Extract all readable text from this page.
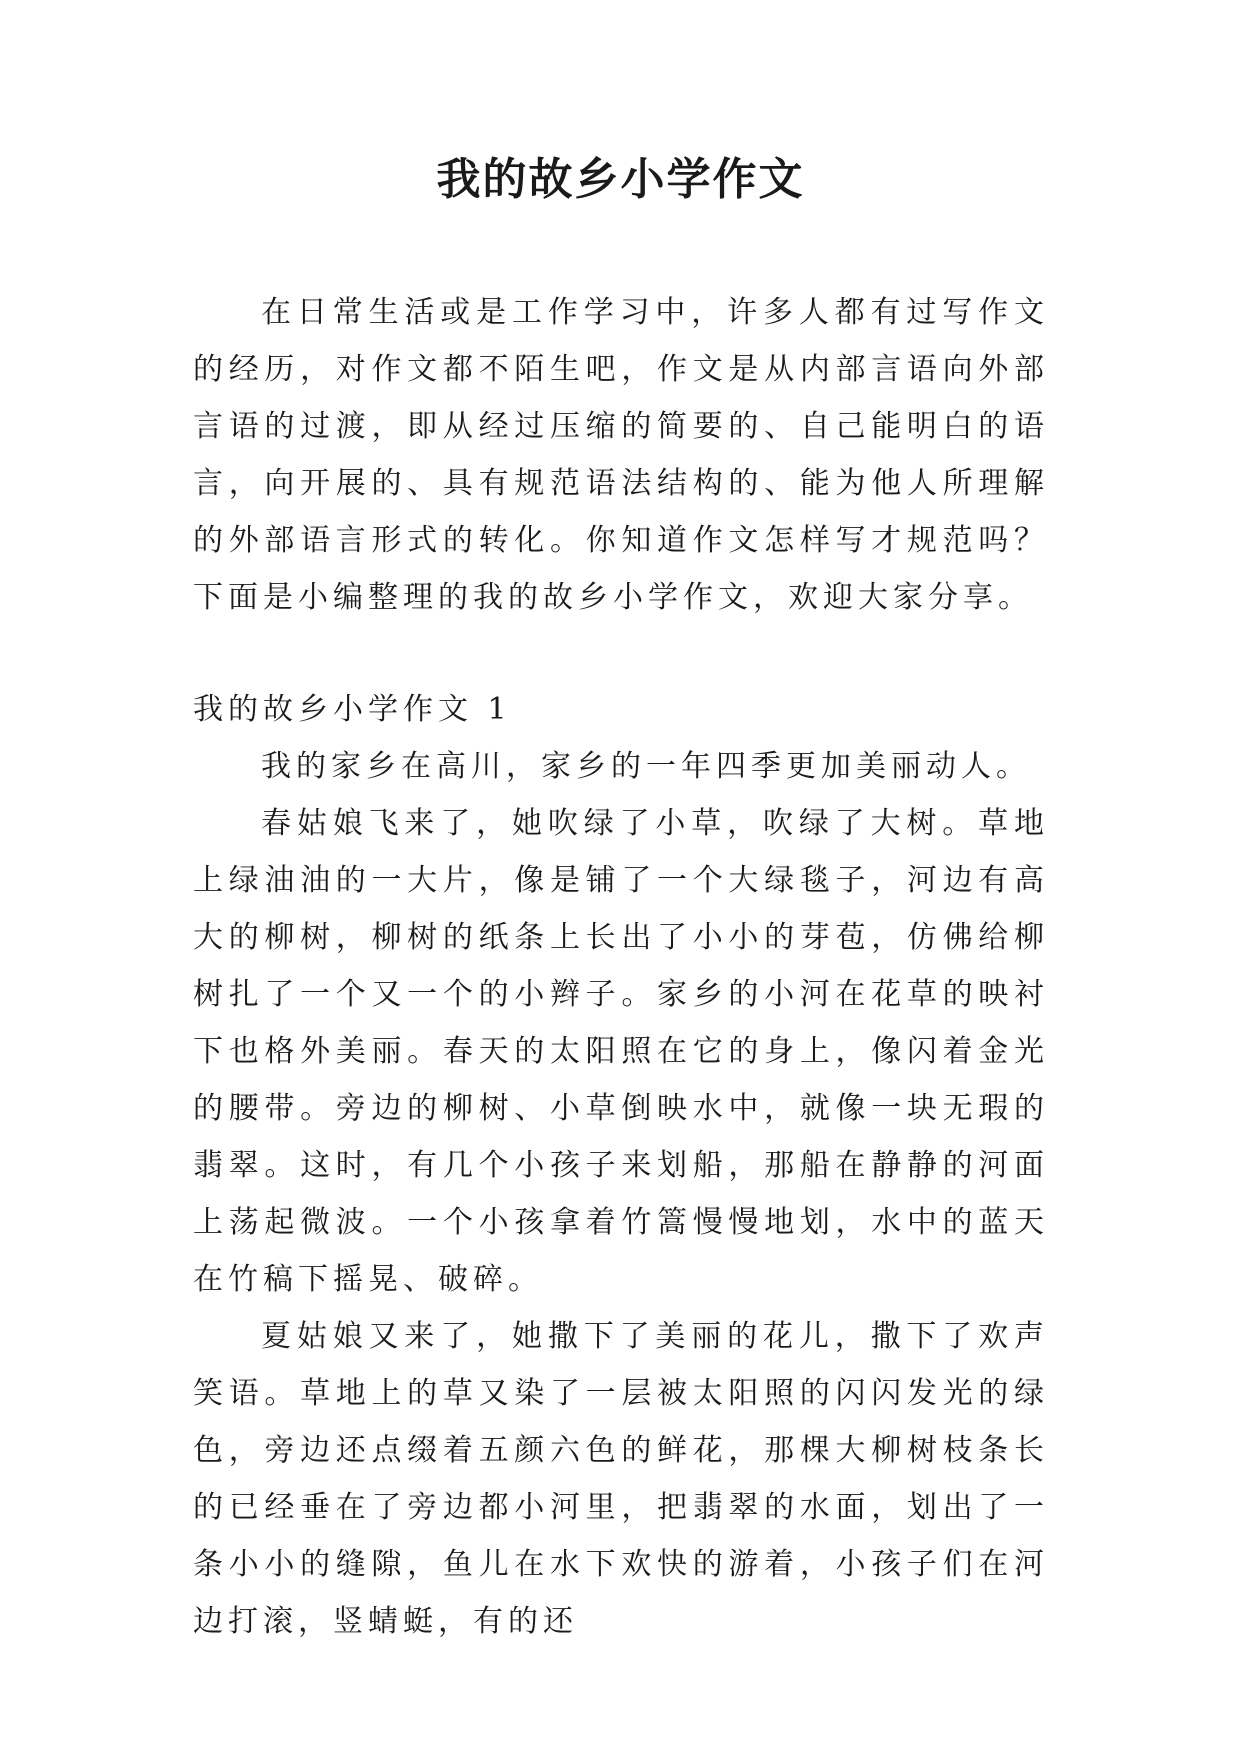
我的故乡小学作文

在日常生活或是工作学习中，许多人都有过写作文的经历，对作文都不陌生吧，作文是从内部言语向外部言语的过渡，即从经过压缩的简要的、自己能明白的语言，向开展的、具有规范语法结构的、能为他人所理解的外部语言形式的转化。你知道作文怎样写才规范吗？下面是小编整理的我的故乡小学作文，欢迎大家分享。

我的故乡小学作文 1

我的家乡在高川，家乡的一年四季更加美丽动人。

春姑娘飞来了，她吹绿了小草，吹绿了大树。草地上绿油油的一大片，像是铺了一个大绿毯子，河边有高大的柳树，柳树的纸条上长出了小小的芽苞，仿佛给柳树扎了一个又一个的小辫子。家乡的小河在花草的映衬下也格外美丽。春天的太阳照在它的身上，像闪着金光的腰带。旁边的柳树、小草倒映水中，就像一块无瑕的翡翠。这时，有几个小孩子来划船，那船在静静的河面上荡起微波。一个小孩拿着竹篙慢慢地划，水中的蓝天在竹稿下摇晃、破碎。

夏姑娘又来了，她撒下了美丽的花儿，撒下了欢声笑语。草地上的草又染了一层被太阳照的闪闪发光的绿色，旁边还点缀着五颜六色的鲜花，那棵大柳树枝条长的已经垂在了旁边都小河里，把翡翠的水面，划出了一条小小的缝隙，鱼儿在水下欢快的游着，小孩子们在河边打滚，竖蜻蜓，有的还
